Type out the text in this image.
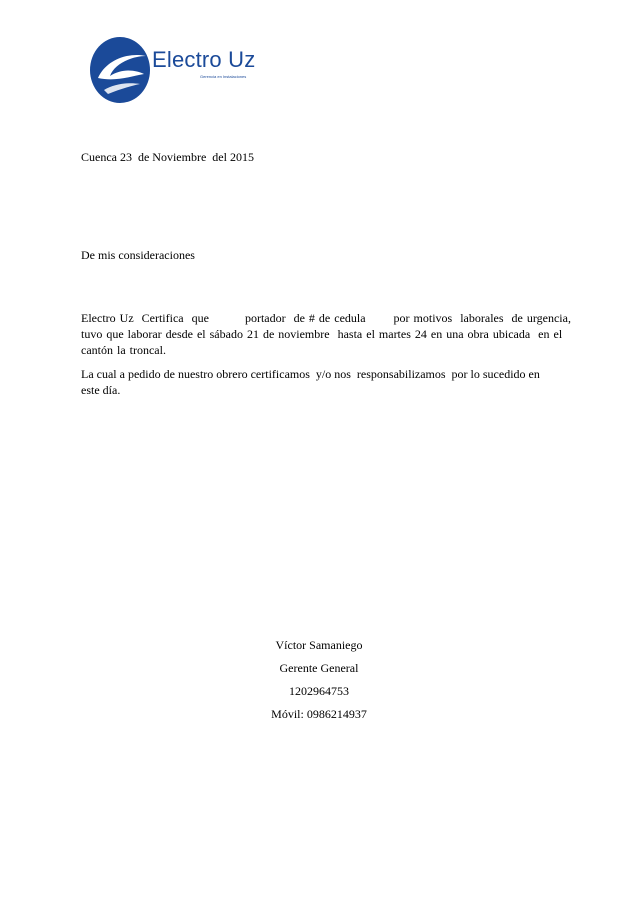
Electro Uz
Gerencia en Instalaciones
Cuenca 23  de Noviembre  del 2015
De mis consideraciones

Electro Uz  Certifica  que         portador  de # de cedula       por motivos  laborales  de urgencia,
tuvo que laborar desde el sábado 21 de noviembre  hasta el martes 24 en una obra ubicada  en el
cantón la troncal.

La cual a pedido de nuestro obrero certificamos  y/o nos  responsabilizamos  por lo sucedido en
este día.

Víctor Samaniego
Gerente General
1202964753
Móvil: 0986214937
